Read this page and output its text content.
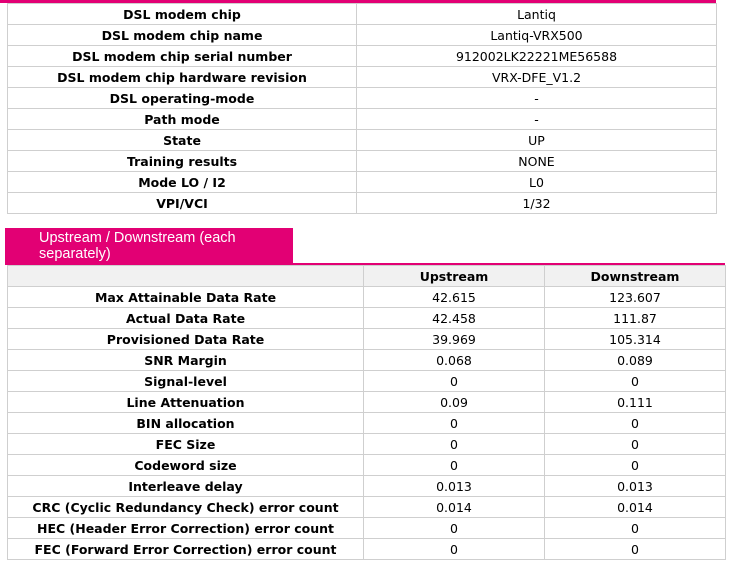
DSL modem chip	Lantiq
DSL modem chip name	Lantiq-VRX500
DSL modem chip serial number	912002LK22221ME56588
DSL modem chip hardware revision	VRX-DFE_V1.2
DSL operating-mode	-
Path mode	-
State	UP
Training results	NONE
Mode LO / I2	L0
VPI/VCI	1/32
Upstream / Downstream (each
separately)
	Upstream	Downstream
Max Attainable Data Rate	42.615	123.607
Actual Data Rate	42.458	111.87
Provisioned Data Rate	39.969	105.314
SNR Margin	0.068	0.089
Signal-level	0	0
Line Attenuation	0.09	0.111
BIN allocation	0	0
FEC Size	0	0
Codeword size	0	0
Interleave delay	0.013	0.013
CRC (Cyclic Redundancy Check) error count	0.014	0.014
HEC (Header Error Correction) error count	0	0
FEC (Forward Error Correction) error count	0	0
